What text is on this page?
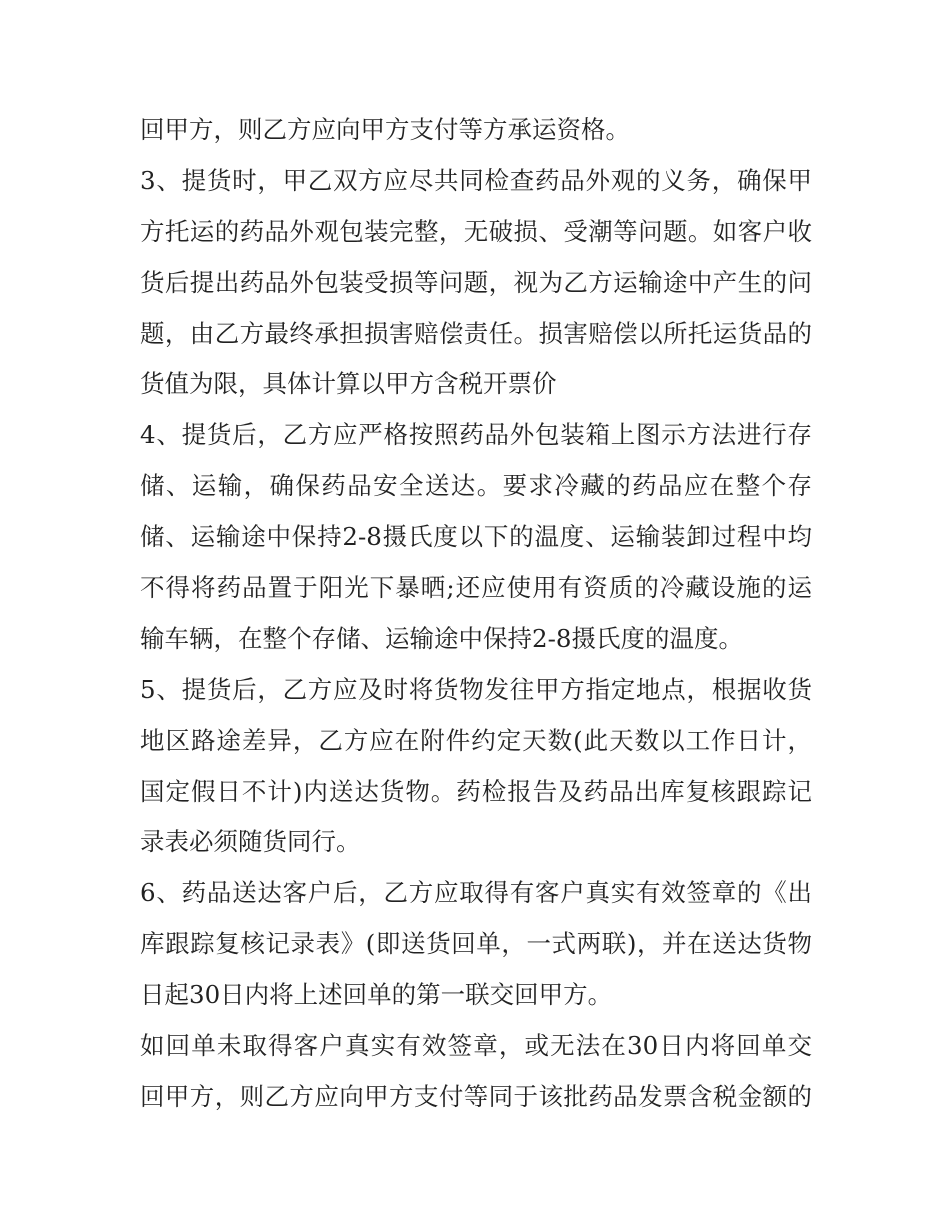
回甲方，则乙方应向甲方支付等方承运资格。
3、提货时，甲乙双方应尽共同检查药品外观的义务，确保甲
方托运的药品外观包装完整，无破损、受潮等问题。如客户收
货后提出药品外包装受损等问题，视为乙方运输途中产生的问
题，由乙方最终承担损害赔偿责任。损害赔偿以所托运货品的
货值为限，具体计算以甲方含税开票价
4、提货后，乙方应严格按照药品外包装箱上图示方法进行存
储、运输，确保药品安全送达。要求冷藏的药品应在整个存
储、运输途中保持2-8摄氏度以下的温度、运输装卸过程中均
不得将药品置于阳光下暴晒;还应使用有资质的冷藏设施的运
输车辆，在整个存储、运输途中保持2-8摄氏度的温度。
5、提货后，乙方应及时将货物发往甲方指定地点，根据收货
地区路途差异，乙方应在附件约定天数(此天数以工作日计，
国定假日不计)内送达货物。药检报告及药品出库复核跟踪记
录表必须随货同行。
6、药品送达客户后，乙方应取得有客户真实有效签章的《出
库跟踪复核记录表》(即送货回单，一式两联)，并在送达货物
日起30日内将上述回单的第一联交回甲方。
如回单未取得客户真实有效签章，或无法在30日内将回单交
回甲方，则乙方应向甲方支付等同于该批药品发票含税金额的
